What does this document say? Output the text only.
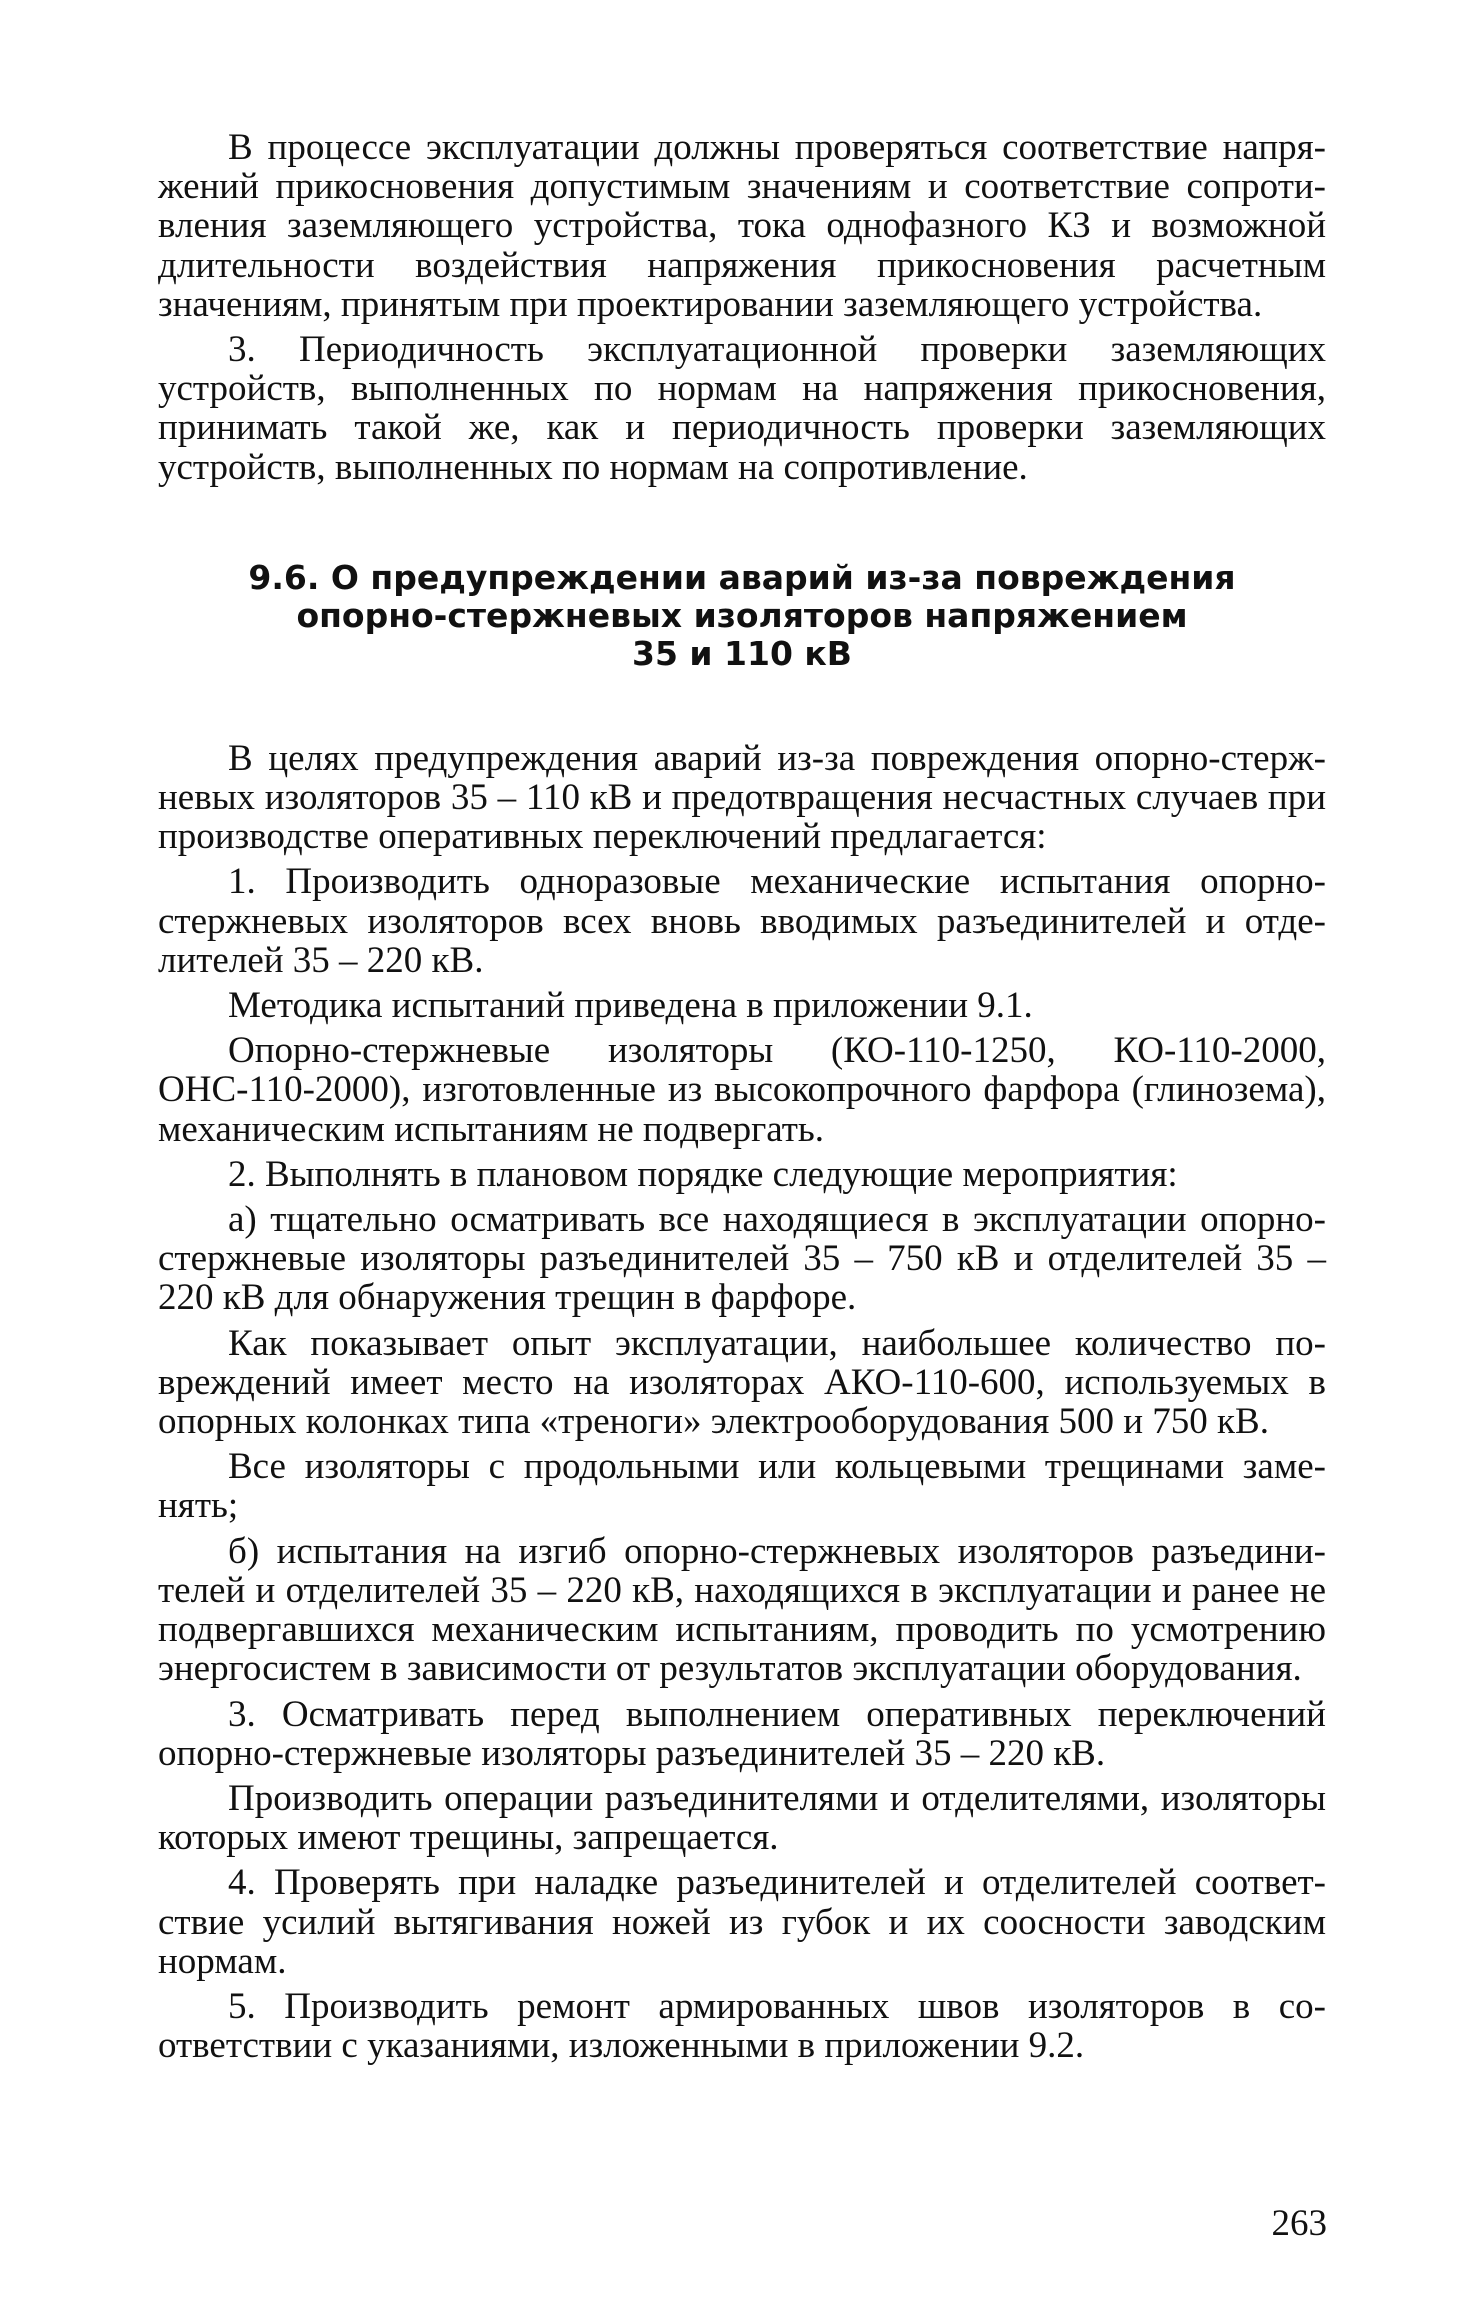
В процессе эксплуатации должны проверяться соответствие напряжений прикосновения допустимым значениям и соответствие сопротивления заземляющего устройства, тока однофазного КЗ и возможной длительности воздействия напряжения прикосновения расчетным значениям, принятым при проектировании заземляющего устройства.

3. Периодичность эксплуатационной проверки заземляющих устройств, выполненных по нормам на напряжения прикосновения, принимать такой же, как и периодичность проверки заземляющих устройств, выполненных по нормам на сопротивление.

9.6. О предупреждении аварий из-за повреждения
опорно-стержневых изоляторов напряжением
35 и 110 кВ

В целях предупреждения аварий из-за повреждения опорно-стержневых изоляторов 35 – 110 кВ и предотвращения несчастных случаев при производстве оперативных переключений предлагается:

1. Производить одноразовые механические испытания опорно-стержневых изоляторов всех вновь вводимых разъединителей и отделителей 35 – 220 кВ.

Методика испытаний приведена в приложении 9.1.

Опорно-стержневые изоляторы (КО-110-1250, КО-110-2000, ОНС-110-2000), изготовленные из высокопрочного фарфора (глинозема), механическим испытаниям не подвергать.

2. Выполнять в плановом порядке следующие мероприятия:

а) тщательно осматривать все находящиеся в эксплуатации опорно-стержневые изоляторы разъединителей 35 – 750 кВ и отделителей 35 – 220 кВ для обнаружения трещин в фарфоре.

Как показывает опыт эксплуатации, наибольшее количество повреждений имеет место на изоляторах АКО-110-600, используемых в опорных колонках типа «треноги» электрооборудования 500 и 750 кВ.

Все изоляторы с продольными или кольцевыми трещинами заменять;

б) испытания на изгиб опорно-стержневых изоляторов разъединителей и отделителей 35 – 220 кВ, находящихся в эксплуатации и ранее не подвергавшихся механическим испытаниям, проводить по усмотрению энергосистем в зависимости от результатов эксплуатации оборудования.

3. Осматривать перед выполнением оперативных переключений опорно-стержневые изоляторы разъединителей 35 – 220 кВ.

Производить операции разъединителями и отделителями, изоляторы которых имеют трещины, запрещается.

4. Проверять при наладке разъединителей и отделителей соответствие усилий вытягивания ножей из губок и их соосности заводским нормам.

5. Производить ремонт армированных швов изоляторов в соответствии с указаниями, изложенными в приложении 9.2.

263
